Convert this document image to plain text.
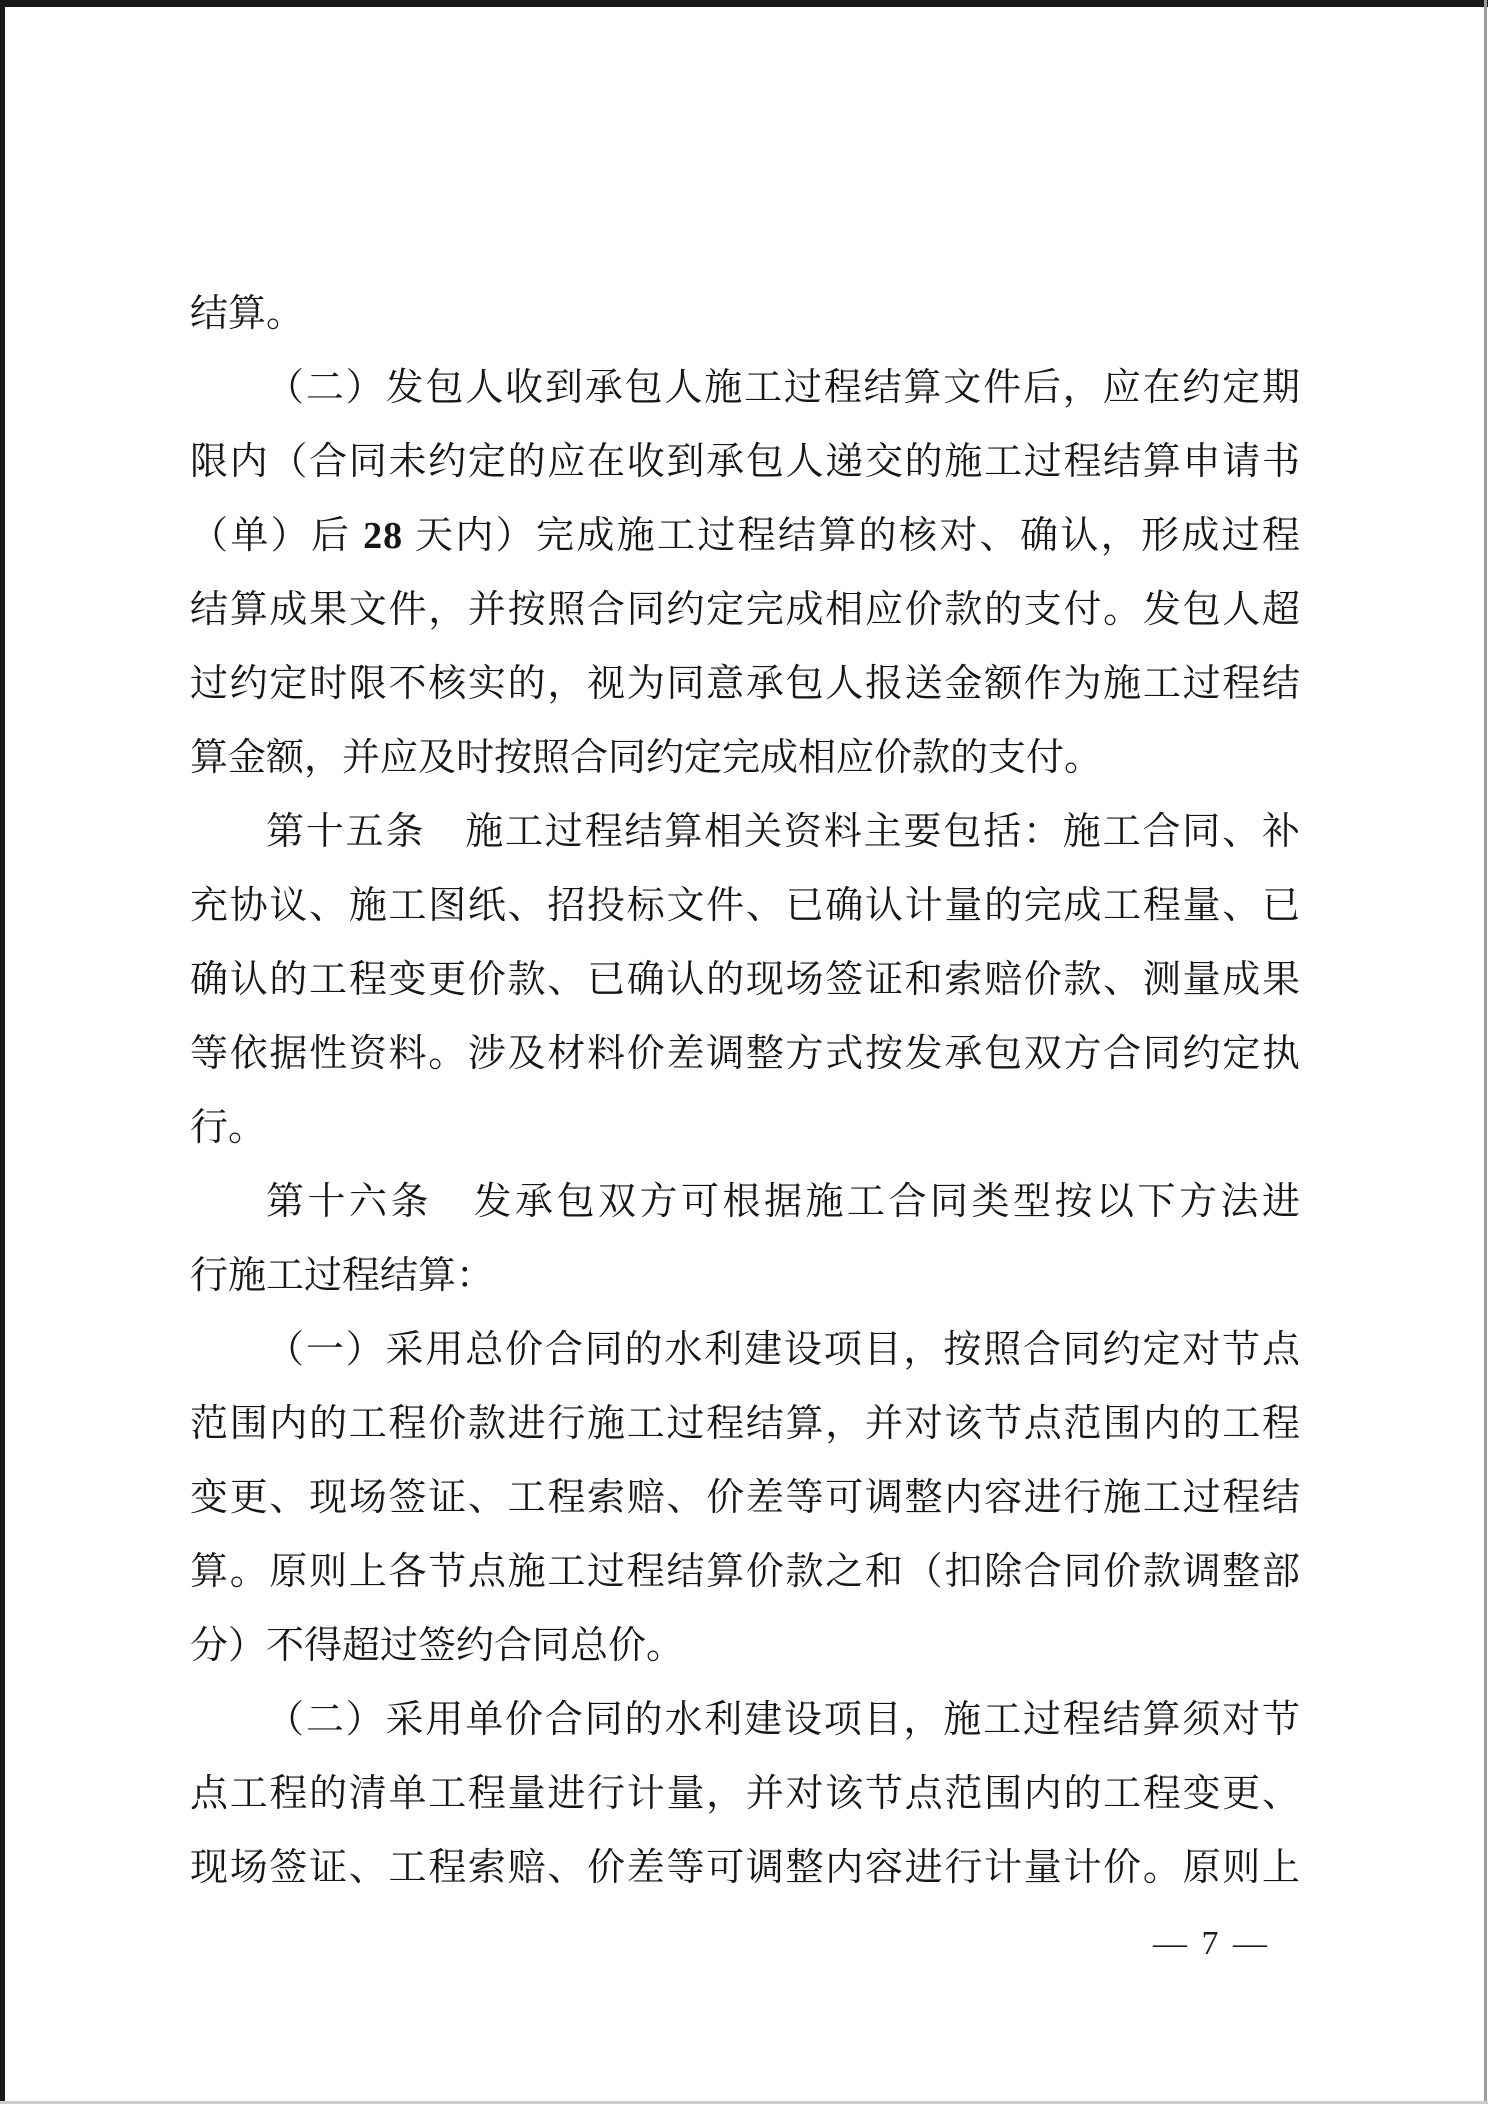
结算。
（二）发包人收到承包人施工过程结算文件后，应在约定期
限内（合同未约定的应在收到承包人递交的施工过程结算申请书
（单）后 28 天内）完成施工过程结算的核对、确认，形成过程
结算成果文件，并按照合同约定完成相应价款的支付。发包人超
过约定时限不核实的，视为同意承包人报送金额作为施工过程结
算金额，并应及时按照合同约定完成相应价款的支付。
第十五条　施工过程结算相关资料主要包括：施工合同、补
充协议、施工图纸、招投标文件、已确认计量的完成工程量、已
确认的工程变更价款、已确认的现场签证和索赔价款、测量成果
等依据性资料。涉及材料价差调整方式按发承包双方合同约定执
行。
第十六条　发承包双方可根据施工合同类型按以下方法进
行施工过程结算：
（一）采用总价合同的水利建设项目，按照合同约定对节点
范围内的工程价款进行施工过程结算，并对该节点范围内的工程
变更、现场签证、工程索赔、价差等可调整内容进行施工过程结
算。原则上各节点施工过程结算价款之和（扣除合同价款调整部
分）不得超过签约合同总价。
（二）采用单价合同的水利建设项目，施工过程结算须对节
点工程的清单工程量进行计量，并对该节点范围内的工程变更、
现场签证、工程索赔、价差等可调整内容进行计量计价。原则上
— 7 —
